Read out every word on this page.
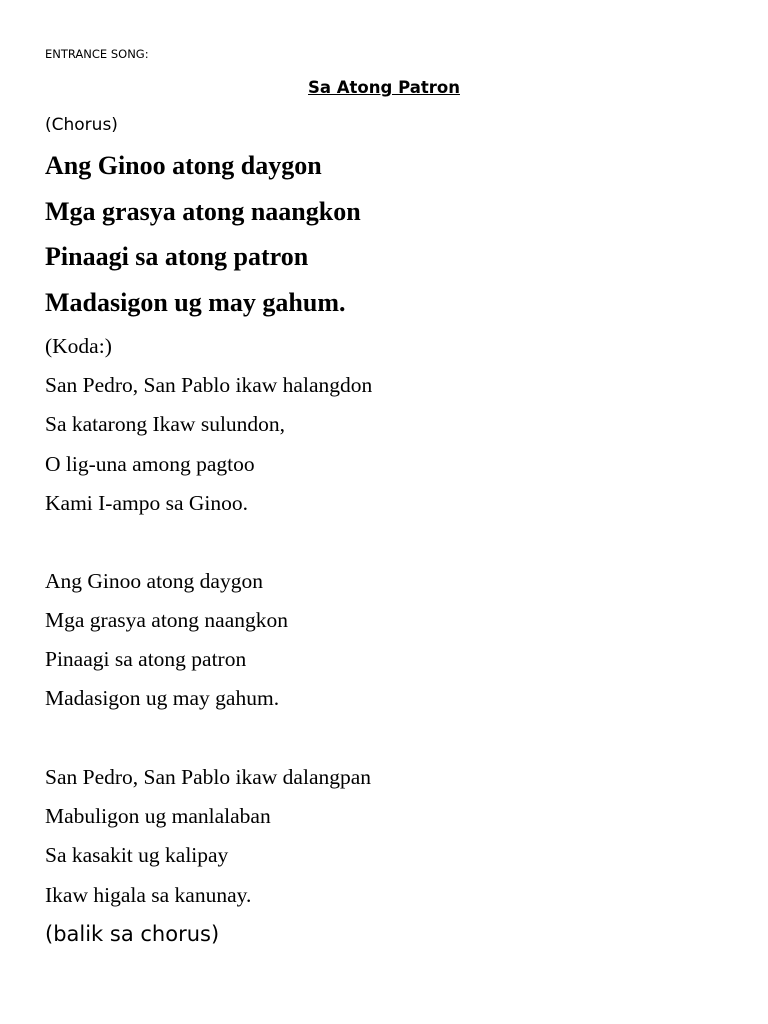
ENTRANCE SONG:
Sa Atong Patron
(Chorus)
Ang Ginoo atong daygon
Mga grasya atong naangkon
Pinaagi sa atong patron
Madasigon ug may gahum.
(Koda:)
San Pedro, San Pablo ikaw halangdon
Sa katarong Ikaw sulundon,
O lig-una among pagtoo
Kami I-ampo sa Ginoo.
Ang Ginoo atong daygon
Mga grasya atong naangkon
Pinaagi sa atong patron
Madasigon ug may gahum.
San Pedro, San Pablo ikaw dalangpan
Mabuligon ug manlalaban
Sa kasakit ug kalipay
Ikaw higala sa kanunay.
(balik sa chorus)
